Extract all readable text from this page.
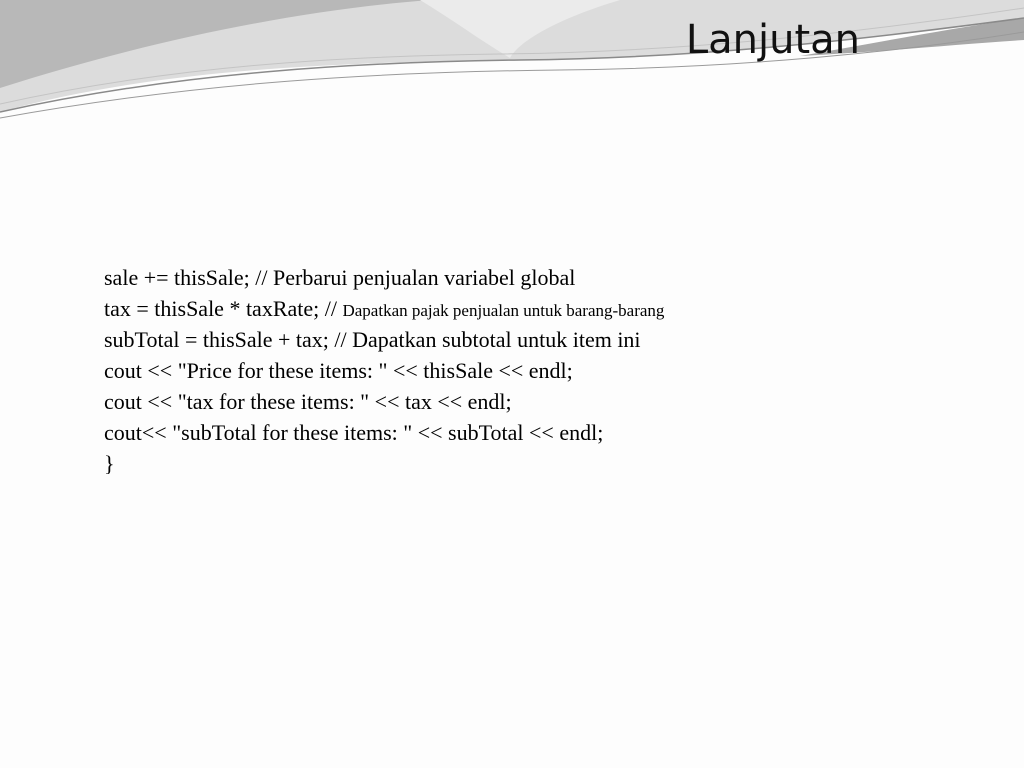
Lanjutan
sale += thisSale; // Perbarui penjualan variabel global
tax = thisSale * taxRate; // Dapatkan pajak penjualan untuk barang-barang
subTotal = thisSale + tax; // Dapatkan subtotal untuk item ini
cout << "Price for these items: " << thisSale << endl;
cout << "tax for these items: " << tax << endl;
cout<< "subTotal for these items: " << subTotal << endl;
}
